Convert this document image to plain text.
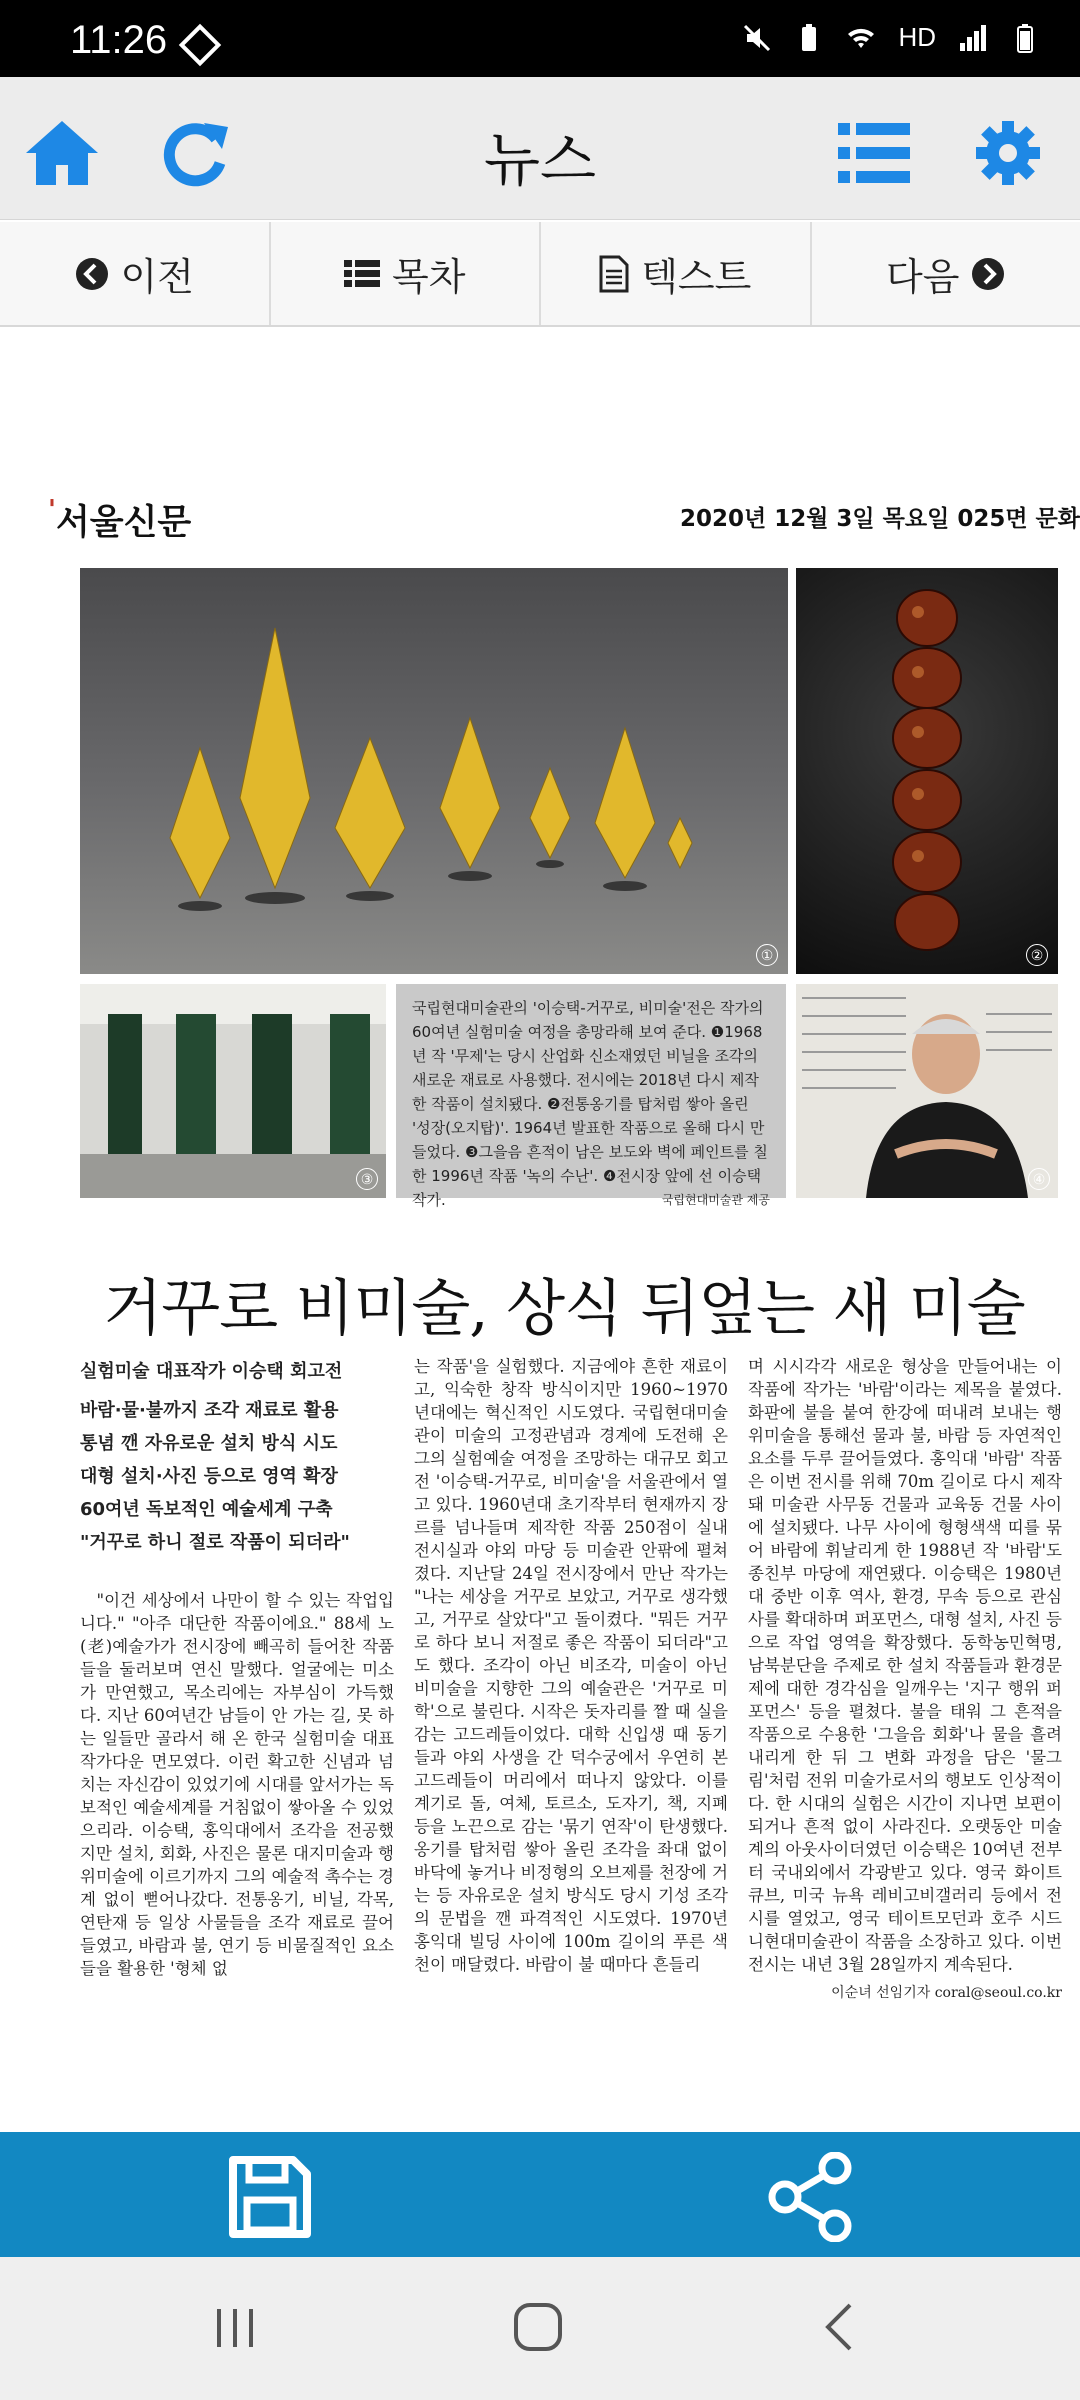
11:26	HD
뉴스
이전	목차	텍스트	다음
'서울신문	2020년 12월 3일 목요일 025면 문화
①	②
③
국립현대미술관의 '이승택-거꾸로, 비미술'전은 작가의 60여년 실험미술 여정을 총망라해 보여 준다. ❶1968년 작 '무제'는 당시 산업화 신소재였던 비닐을 조각의 새로운 재료로 사용했다. 전시에는 2018년 다시 제작한 작품이 설치됐다. ❷전통옹기를 탑처럼 쌓아 올린 '성장(오지탑)'. 1964년 발표한 작품으로 올해 다시 만들었다. ❸그을음 흔적이 남은 보도와 벽에 페인트를 칠한 1996년 작품 '녹의 수난'. ❹전시장 앞에 선 이승택 작가.	국립현대미술관 제공
④
거꾸로 비미술, 상식 뒤엎는 새 미술

실험미술 대표작가 이승택 회고전

바람·물·불까지 조각 재료로 활용

통념 깬 자유로운 설치 방식 시도

대형 설치·사진 등으로 영역 확장

60여년 독보적인 예술세계 구축

"거꾸로 하니 절로 작품이 되더라"

"이건 세상에서 나만이 할 수 있는 작업입니다." "아주 대단한 작품이에요." 88세 노(老)예술가가 전시장에 빼곡히 들어찬 작품들을 둘러보며 연신 말했다. 얼굴에는 미소가 만연했고, 목소리에는 자부심이 가득했다. 지난 60여년간 남들이 안 가는 길, 못 하는 일들만 골라서 해 온 한국 실험미술 대표 작가다운 면모였다. 이런 확고한 신념과 넘치는 자신감이 있었기에 시대를 앞서가는 독보적인 예술세계를 거침없이 쌓아올 수 있었으리라. 이승택, 홍익대에서 조각을 전공했지만 설치, 회화, 사진은 물론 대지미술과 행위미술에 이르기까지 그의 예술적 촉수는 경계 없이 뻗어나갔다. 전통옹기, 비닐, 각목, 연탄재 등 일상 사물들을 조각 재료로 끌어들였고, 바람과 불, 연기 등 비물질적인 요소들을 활용한 '형체 없

는 작품'을 실험했다. 지금에야 흔한 재료이고, 익숙한 창작 방식이지만 1960~1970년대에는 혁신적인 시도였다. 국립현대미술관이 미술의 고정관념과 경계에 도전해 온 그의 실험예술 여정을 조망하는 대규모 회고전 '이승택-거꾸로, 비미술'을 서울관에서 열고 있다. 1960년대 초기작부터 현재까지 장르를 넘나들며 제작한 작품 250점이 실내 전시실과 야외 마당 등 미술관 안팎에 펼쳐졌다. 지난달 24일 전시장에서 만난 작가는 "나는 세상을 거꾸로 보았고, 거꾸로 생각했고, 거꾸로 살았다"고 돌이켰다. "뭐든 거꾸로 하다 보니 저절로 좋은 작품이 되더라"고도 했다. 조각이 아닌 비조각, 미술이 아닌 비미술을 지향한 그의 예술관은 '거꾸로 미학'으로 불린다. 시작은 돗자리를 짤 때 실을 감는 고드레들이었다. 대학 신입생 때 동기들과 야외 사생을 간 덕수궁에서 우연히 본 고드레들이 머리에서 떠나지 않았다. 이를 계기로 돌, 여체, 토르소, 도자기, 책, 지폐 등을 노끈으로 감는 '묶기 연작'이 탄생했다. 옹기를 탑처럼 쌓아 올린 조각을 좌대 없이 바닥에 놓거나 비정형의 오브제를 천장에 거는 등 자유로운 설치 방식도 당시 기성 조각의 문법을 깬 파격적인 시도였다. 1970년 홍익대 빌딩 사이에 100m 길이의 푸른 색 천이 매달렸다. 바람이 불 때마다 흔들리

며 시시각각 새로운 형상을 만들어내는 이 작품에 작가는 '바람'이라는 제목을 붙였다. 화판에 불을 붙여 한강에 떠내려 보내는 행위미술을 통해선 물과 불, 바람 등 자연적인 요소를 두루 끌어들였다. 홍익대 '바람' 작품은 이번 전시를 위해 70m 길이로 다시 제작돼 미술관 사무동 건물과 교육동 건물 사이에 설치됐다. 나무 사이에 형형색색 띠를 묶어 바람에 휘날리게 한 1988년 작 '바람'도 종친부 마당에 재연됐다. 이승택은 1980년대 중반 이후 역사, 환경, 무속 등으로 관심사를 확대하며 퍼포먼스, 대형 설치, 사진 등으로 작업 영역을 확장했다. 동학농민혁명, 남북분단을 주제로 한 설치 작품들과 환경문제에 대한 경각심을 일깨우는 '지구 행위 퍼포먼스' 등을 펼쳤다. 불을 태워 그 흔적을 작품으로 수용한 '그을음 회화'나 물을 흘려 내리게 한 뒤 그 변화 과정을 담은 '물그림'처럼 전위 미술가로서의 행보도 인상적이다. 한 시대의 실험은 시간이 지나면 보편이 되거나 흔적 없이 사라진다. 오랫동안 미술계의 아웃사이더였던 이승택은 10여년 전부터 국내외에서 각광받고 있다. 영국 화이트큐브, 미국 뉴욕 레비고비갤러리 등에서 전시를 열었고, 영국 테이트모던과 호주 시드니현대미술관이 작품을 소장하고 있다. 이번 전시는 내년 3월 28일까지 계속된다.

이순녀 선임기자 coral@seoul.co.kr
